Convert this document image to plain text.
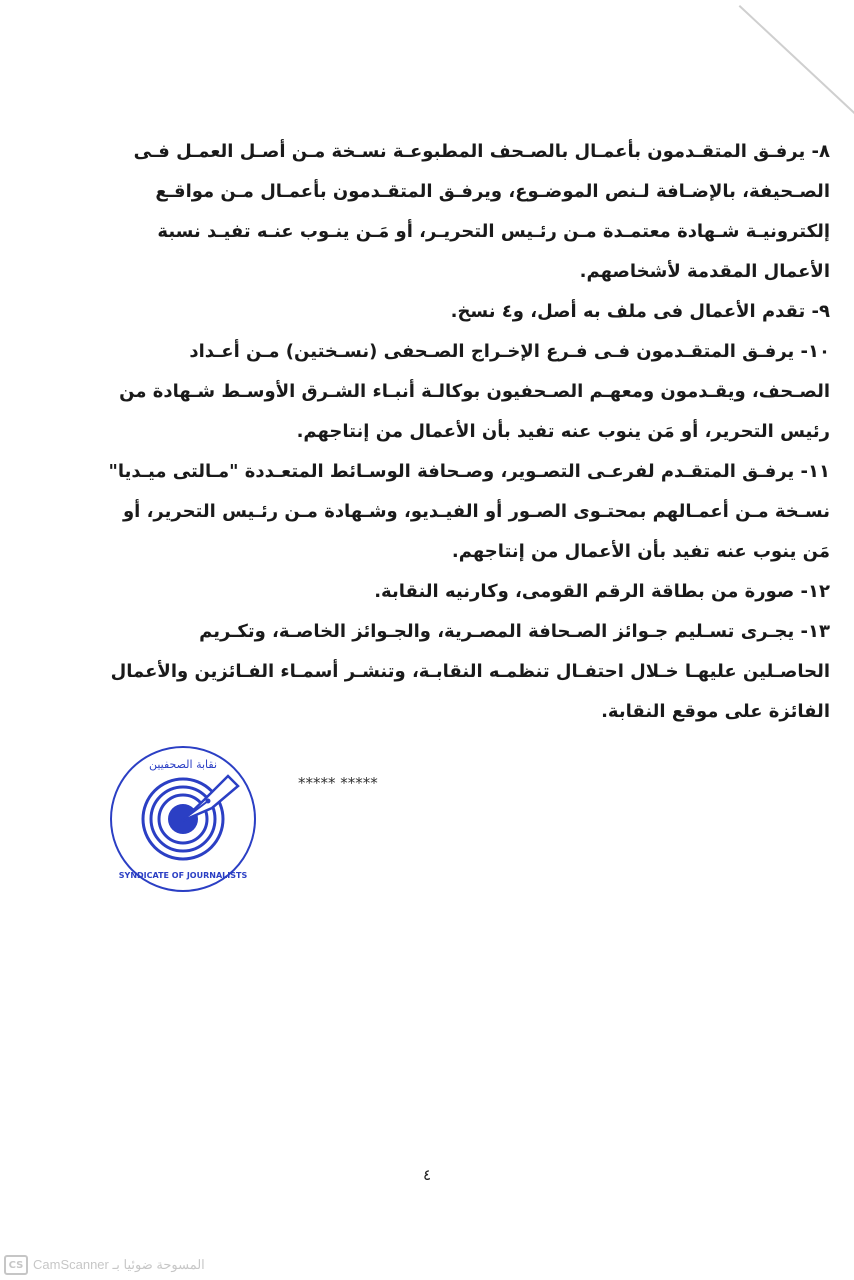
٨- يرفـق المتقـدمون بأعمـال بالصـحف المطبوعـة نسـخة مـن أصـل العمـل فـى الصـحيفة، بالإضـافة لـنص الموضـوع، ويرفـق المتقـدمون بأعمـال مـن مواقـع إلكترونيـة شـهادة معتمـدة مـن رئـيس التحريـر، أو مَـن ينـوب عنـه تفيـد نسبة الأعمال المقدمة لأشخاصهم.

٩- تقدم الأعمال فى ملف به أصل، و٤ نسخ.

١٠- يرفـق المتقـدمون فـى فـرع الإخـراج الصـحفى (نسـختين) مـن أعـداد الصـحف، ويقـدمون ومعهـم الصـحفيون بوكالـة أنبـاء الشـرق الأوسـط شـهادة من رئيس التحرير، أو مَن ينوب عنه تفيد بأن الأعمال من إنتاجهم.

١١- يرفـق المتقـدم لفرعـى التصـوير، وصـحافة الوسـائط المتعـددة "مـالتى ميـديا" نسـخة مـن أعمـالهم بمحتـوى الصـور أو الفيـديو، وشـهادة مـن رئـيس التحرير، أو مَن ينوب عنه تفيد بأن الأعمال من إنتاجهم.

١٢- صورة من بطاقة الرقم القومى، وكارنيه النقابة.

١٣- يجـرى تسـليم جـوائز الصـحافة المصـرية، والجـوائز الخاصـة، وتكـريم الحاصـلين عليهـا خـلال احتفـال تنظمـه النقابـة، وتنشـر أسمـاء الفـائزين والأعمال الفائزة على موقع النقابة.

نقابة الصحفيين
SYNDICATE OF JOURNALISTS
***** *****
٤
CS CamScanner المسوحة ضوئيا بـ
